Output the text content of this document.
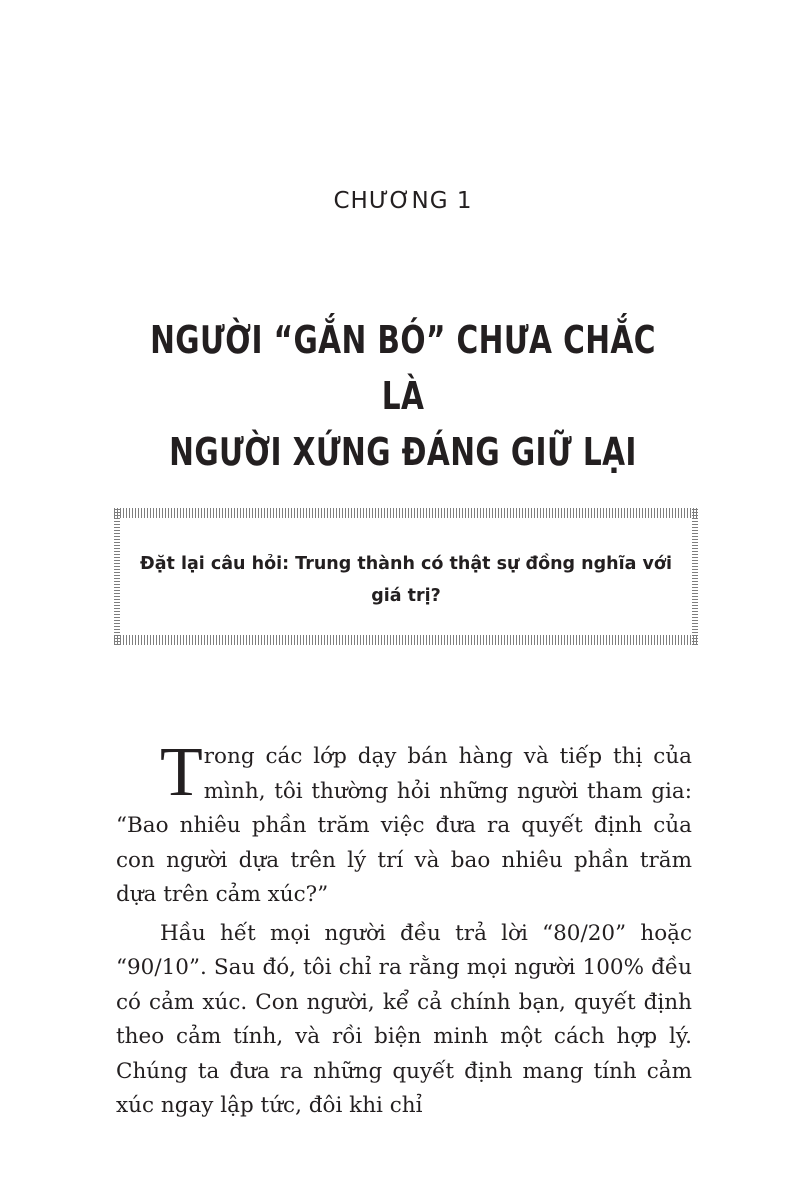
CHƯƠNG 1
NGƯỜI “GẮN BÓ” CHƯA CHẮC LÀ
NGƯỜI XỨNG ĐÁNG GIỮ LẠI

Đặt lại câu hỏi: Trung thành có thật sự đồng nghĩa với giá trị?

Trong các lớp dạy bán hàng và tiếp thị của mình, tôi thường hỏi những người tham gia: “Bao nhiêu phần trăm việc đưa ra quyết định của con người dựa trên lý trí và bao nhiêu phần trăm dựa trên cảm xúc?”

Hầu hết mọi người đều trả lời “80/20” hoặc “90/10”. Sau đó, tôi chỉ ra rằng mọi người 100% đều có cảm xúc. Con người, kể cả chính bạn, quyết định theo cảm tính, và rồi biện minh một cách hợp lý. Chúng ta đưa ra những quyết định mang tính cảm xúc ngay lập tức, đôi khi chỉ
